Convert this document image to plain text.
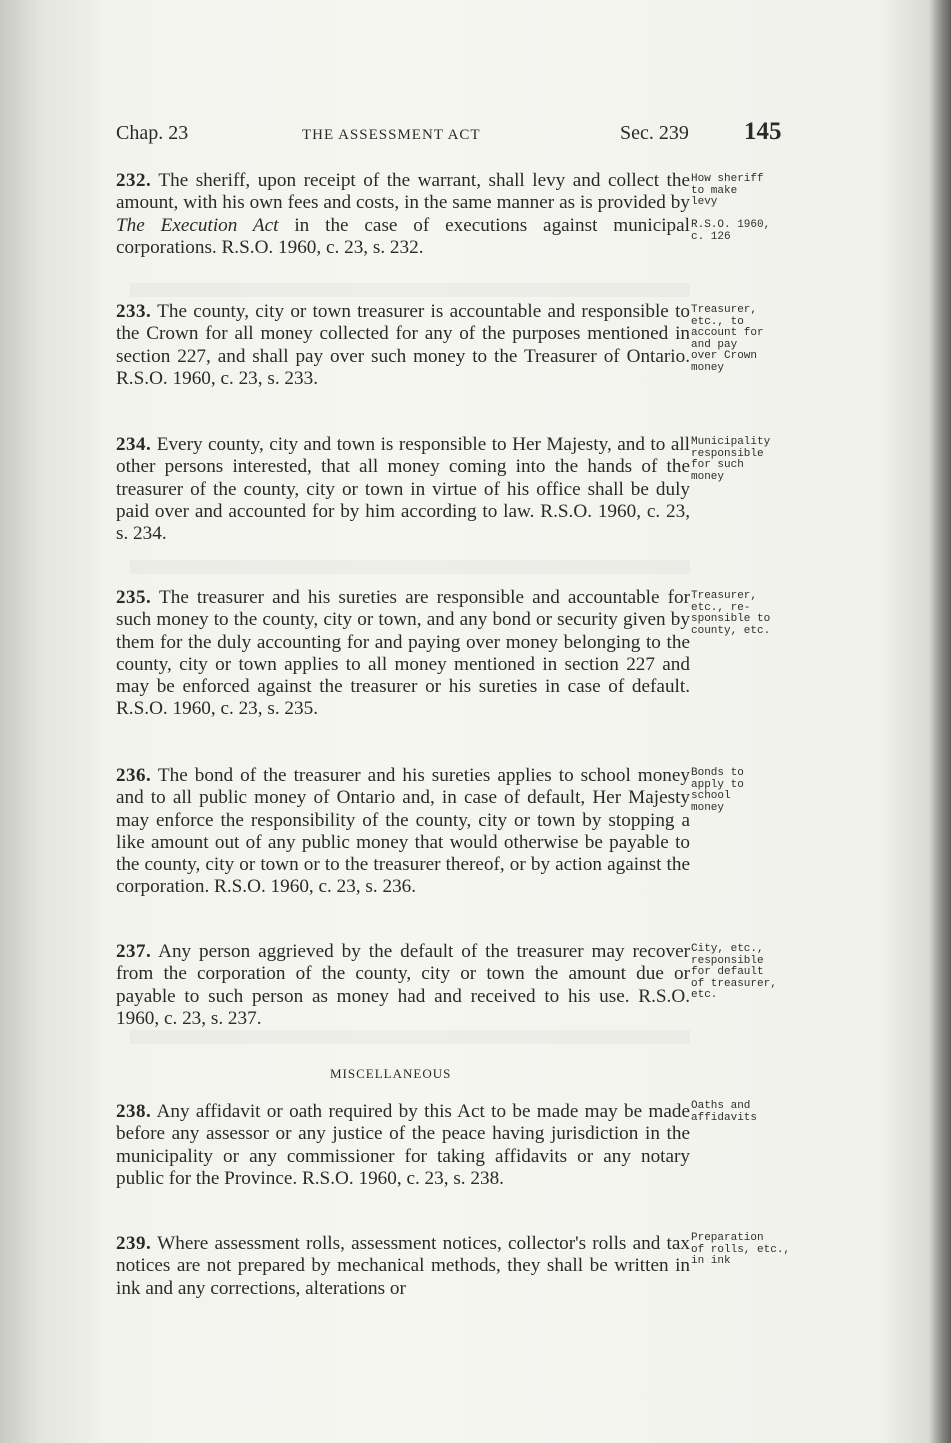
Chap. 23	THE ASSESSMENT ACT	Sec. 239 145

232. The sheriff, upon receipt of the warrant, shall levy and collect the amount, with his own fees and costs, in the same manner as is provided by The Execution Act in the case of executions against municipal corporations. R.S.O. 1960, c. 23, s. 232.

How sheriff
to make
levy

R.S.O. 1960,
c. 126

233. The county, city or town treasurer is accountable and responsible to the Crown for all money collected for any of the purposes mentioned in section 227, and shall pay over such money to the Treasurer of Ontario. R.S.O. 1960, c. 23, s. 233.

Treasurer,
etc., to
account for
and pay
over Crown
money

234. Every county, city and town is responsible to Her Majesty, and to all other persons interested, that all money coming into the hands of the treasurer of the county, city or town in virtue of his office shall be duly paid over and accounted for by him according to law. R.S.O. 1960, c. 23, s. 234.

Municipality
responsible
for such
money

235. The treasurer and his sureties are responsible and accountable for such money to the county, city or town, and any bond or security given by them for the duly accounting for and paying over money belonging to the county, city or town applies to all money mentioned in section 227 and may be enforced against the treasurer or his sureties in case of default. R.S.O. 1960, c. 23, s. 235.

Treasurer,
etc., re-
sponsible to
county, etc.

236. The bond of the treasurer and his sureties applies to school money and to all public money of Ontario and, in case of default, Her Majesty may enforce the responsibility of the county, city or town by stopping a like amount out of any public money that would otherwise be payable to the county, city or town or to the treasurer thereof, or by action against the corporation. R.S.O. 1960, c. 23, s. 236.

Bonds to
apply to
school
money

237. Any person aggrieved by the default of the treasurer may recover from the corporation of the county, city or town the amount due or payable to such person as money had and received to his use. R.S.O. 1960, c. 23, s. 237.

City, etc.,
responsible
for default
of treasurer,
etc.
MISCELLANEOUS

238. Any affidavit or oath required by this Act to be made may be made before any assessor or any justice of the peace having jurisdiction in the municipality or any commissioner for taking affidavits or any notary public for the Province. R.S.O. 1960, c. 23, s. 238.

Oaths and
affidavits

239. Where assessment rolls, assessment notices, collector's rolls and tax notices are not prepared by mechanical methods, they shall be written in ink and any corrections, alterations or

Preparation
of rolls, etc.,
in ink
